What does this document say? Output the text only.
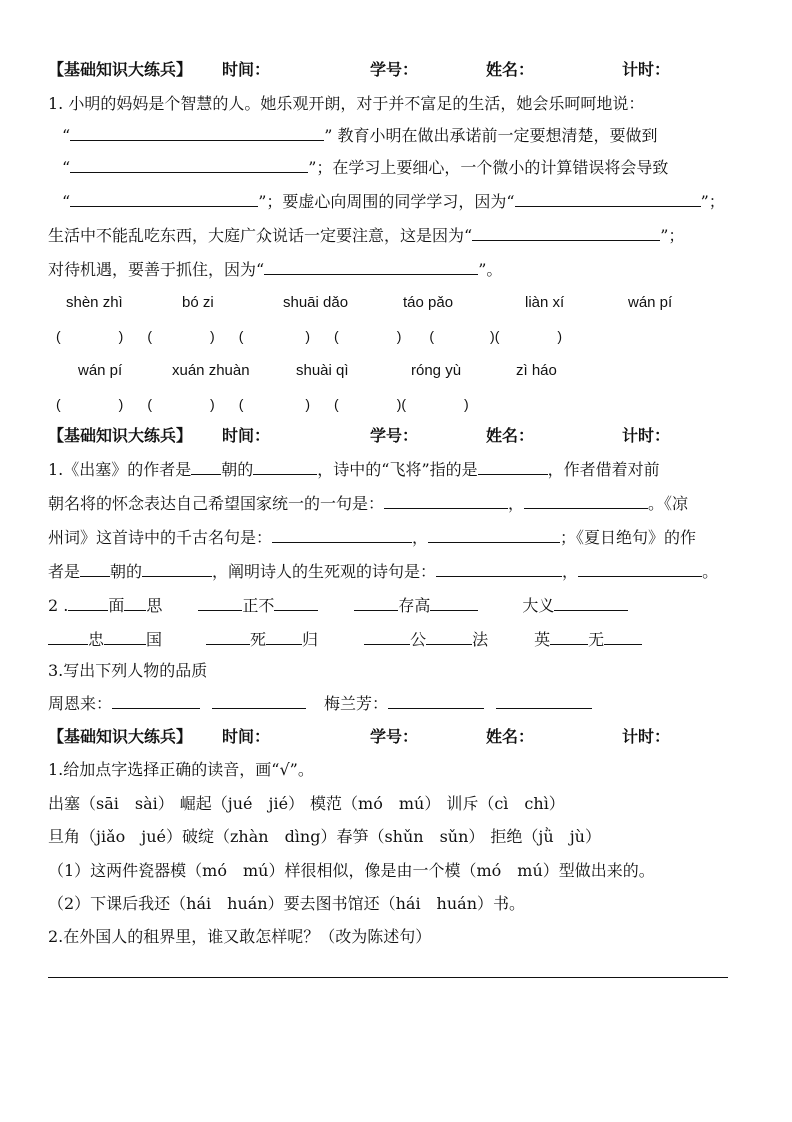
【基础知识大练兵】 时间：	学号：	姓名：	计时：
1. 小明的妈妈是个智慧的人。她乐观开朗，对于并不富足的生活，她会乐呵呵地说：
“	” 教育小明在做出承诺前一定要想清楚，要做到
“	”；在学习上要细心，一个微小的计算错误将会导致
“	”；要虚心向周围的同学学习，因为“	”；
生活中不能乱吃东西，大庭广众说话一定要注意，这是因为“	”；
对待机遇，要善于抓住，因为“	”。
shèn zhì	bó zi	shuāi dǎo	táo pǎo	liàn xí	wán pí
(	) (	) (	) (	) (	)(	)
wán pí	xuán zhuàn	shuài qì	róng yù	zì háo
(	) (	) (	) (	)(	)
【基础知识大练兵】 时间：	学号：	姓名：	计时：
1.《出塞》的作者是 朝的	，诗中的“飞将”指的是	，作者借着对前
朝名将的怀念表达自己希望国家统一的一句是：	，	。《凉
州词》这首诗中的千古名句是：	，	；《夏日绝句》的作
者是 朝的	，阐明诗人的生死观的诗句是：	，	。
2 .	面 思	正不	存高	大义
忠	国	死 归	公	法	英 无
3.写出下列人物的品质
周恩来：	梅兰芳：
【基础知识大练兵】 时间：	学号：	姓名：	计时：
1.给加点字选择正确的读音，画“√”。
出塞（sāi　sài） 崛起（jué　jié） 模范（mó　mú） 训斥（cì　chì）
旦角（jiǎo　jué）破绽（zhàn　dìng）春笋（shǔn　sǔn） 拒绝（jǜ　jù）
（1）这两件瓷器模（mó　mú）样很相似，像是由一个模（mó　mú）型做出来的。
（2）下课后我还（hái　huán）要去图书馆还（hái　huán）书。
2.在外国人的租界里，谁又敢怎样呢？（改为陈述句）
